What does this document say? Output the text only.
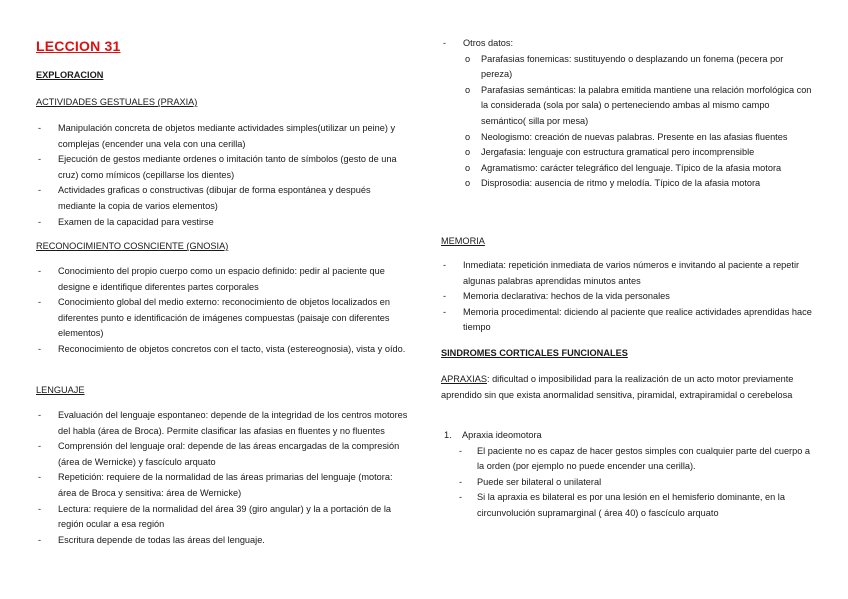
LECCION 31
EXPLORACION
ACTIVIDADES GESTUALES (PRAXIA)
- Manipulación concreta de objetos mediante actividades simples(utilizar un peine) y complejas (encender una vela con una cerilla)
- Ejecución de gestos mediante ordenes o imitación tanto de símbolos (gesto de una cruz) como mímicos (cepillarse los dientes)
- Actividades graficas o constructivas (dibujar de forma espontánea y después mediante la copia de varios elementos)
- Examen de la capacidad para vestirse
RECONOCIMIENTO COSNCIENTE (GNOSIA)
- Conocimiento del propio cuerpo como un espacio definido: pedir al paciente que designe e identifique diferentes partes corporales
- Conocimiento global del medio externo: reconocimiento de objetos localizados en diferentes punto e identificación de imágenes compuestas (paisaje con diferentes elementos)
- Reconocimiento de objetos concretos con el tacto, vista (estereognosia), vista y oído.
LENGUAJE
- Evaluación del lenguaje espontaneo: depende de la integridad de los centros motores del habla (área de Broca). Permite clasificar las afasias en fluentes y no fluentes
- Comprensión del lenguaje oral: depende de las áreas encargadas de la compresión (área de Wernicke) y fascículo arquato
- Repetición: requiere de la normalidad de las áreas primarias del lenguaje (motora: área de Broca y sensitiva: área de Wernicke)
- Lectura: requiere de la normalidad del área 39 (giro angular) y la a portación de la región ocular a esa región
- Escritura depende de todas las áreas del lenguaje.
- Otros datos:
o Parafasias fonemicas: sustituyendo o desplazando un fonema (pecera por pereza)
o Parafasias semánticas: la palabra emitida mantiene una relación morfológica con la considerada (sola por sala) o perteneciendo ambas al mismo campo semántico( silla por mesa)
o Neologismo: creación de nuevas palabras. Presente en las afasias fluentes
o Jergafasia: lenguaje con estructura gramatical pero incomprensible
o Agramatismo: carácter telegráfico del lenguaje. Típico de la afasia motora
o Disprosodia: ausencia de ritmo y melodía. Típico de la afasia motora
MEMORIA
- Inmediata: repetición inmediata de varios números e invitando al paciente a repetir algunas palabras aprendidas minutos antes
- Memoria declarativa: hechos de la vida personales
- Memoria procedimental: diciendo al paciente que realice actividades aprendidas hace tiempo
SINDROMES CORTICALES FUNCIONALES
APRAXIAS: dificultad o imposibilidad para la realización de un acto motor previamente aprendido sin que exista anormalidad sensitiva, piramidal, extrapiramidal o cerebelosa
1. Apraxia ideomotora
- El paciente no es capaz de hacer gestos simples con cualquier parte del cuerpo a la orden (por ejemplo no puede encender una cerilla).
- Puede ser bilateral o unilateral
- Si la apraxia es bilateral es por una lesión en el hemisferio dominante, en la circunvolución supramarginal ( área 40) o fascículo arquato
